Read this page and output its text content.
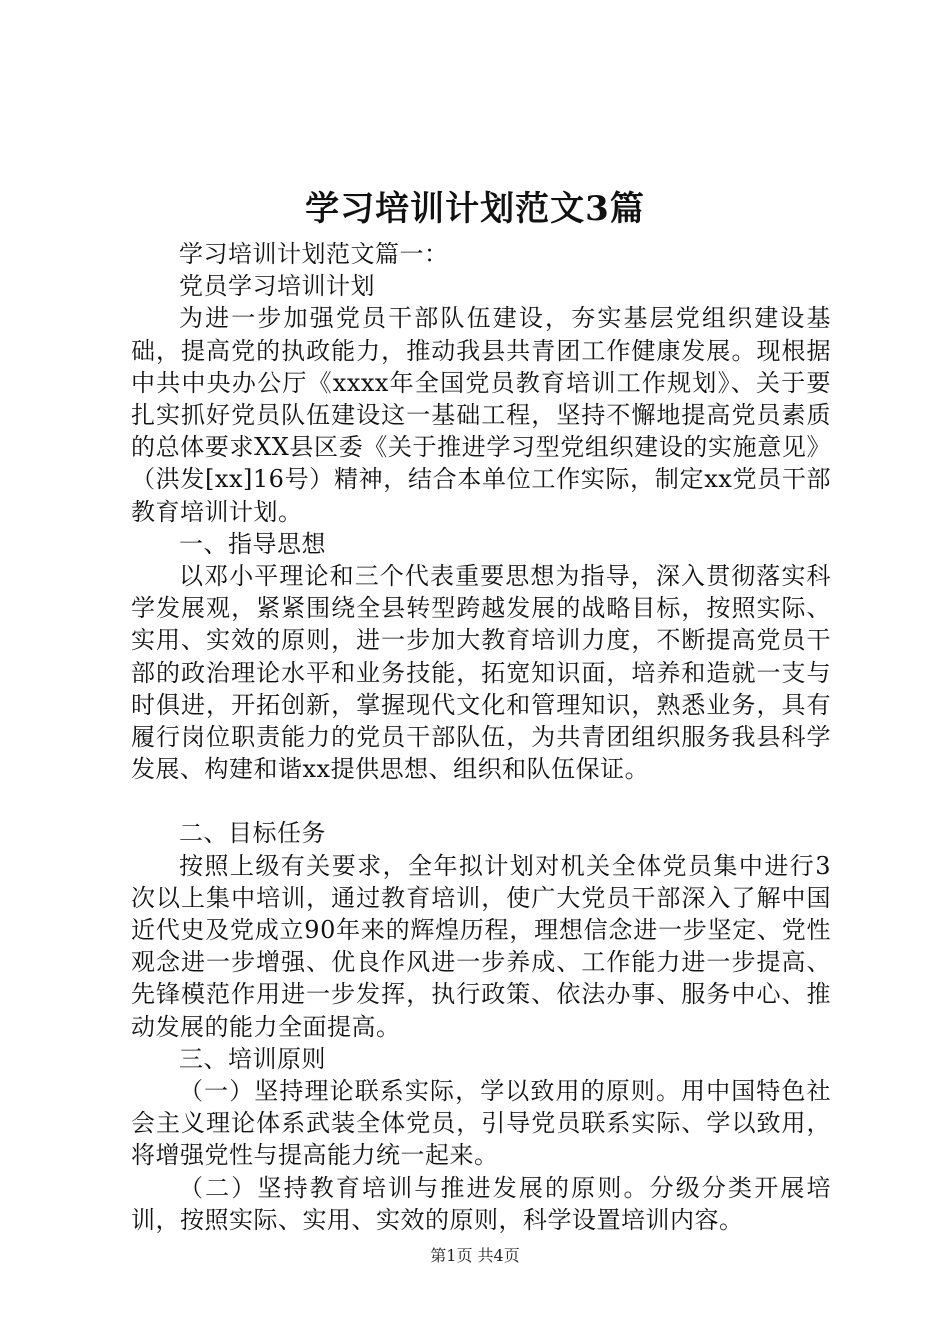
学习培训计划范文3篇

学习培训计划范文篇一：

党员学习培训计划

为进一步加强党员干部队伍建设，夯实基层党组织建设基础，提高党的执政能力，推动我县共青团工作健康发展。现根据中共中央办公厅《xxxx年全国党员教育培训工作规划》、关于要扎实抓好党员队伍建设这一基础工程，坚持不懈地提高党员素质的总体要求XX县区委《关于推进学习型党组织建设的实施意见》（洪发[xx]16号）精神，结合本单位工作实际，制定xx党员干部教育培训计划。

一、指导思想

以邓小平理论和三个代表重要思想为指导，深入贯彻落实科学发展观，紧紧围绕全县转型跨越发展的战略目标，按照实际、实用、实效的原则，进一步加大教育培训力度，不断提高党员干部的政治理论水平和业务技能，拓宽知识面，培养和造就一支与时俱进，开拓创新，掌握现代文化和管理知识，熟悉业务，具有履行岗位职责能力的党员干部队伍，为共青团组织服务我县科学发展、构建和谐xx提供思想、组织和队伍保证。

二、目标任务

按照上级有关要求，全年拟计划对机关全体党员集中进行3次以上集中培训，通过教育培训，使广大党员干部深入了解中国近代史及党成立90年来的辉煌历程，理想信念进一步坚定、党性观念进一步增强、优良作风进一步养成、工作能力进一步提高、先锋模范作用进一步发挥，执行政策、依法办事、服务中心、推动发展的能力全面提高。

三、培训原则

（一）坚持理论联系实际，学以致用的原则。用中国特色社会主义理论体系武装全体党员，引导党员联系实际、学以致用，将增强党性与提高能力统一起来。

（二）坚持教育培训与推进发展的原则。分级分类开展培训，按照实际、实用、实效的原则，科学设置培训内容。

第1页 共4页
